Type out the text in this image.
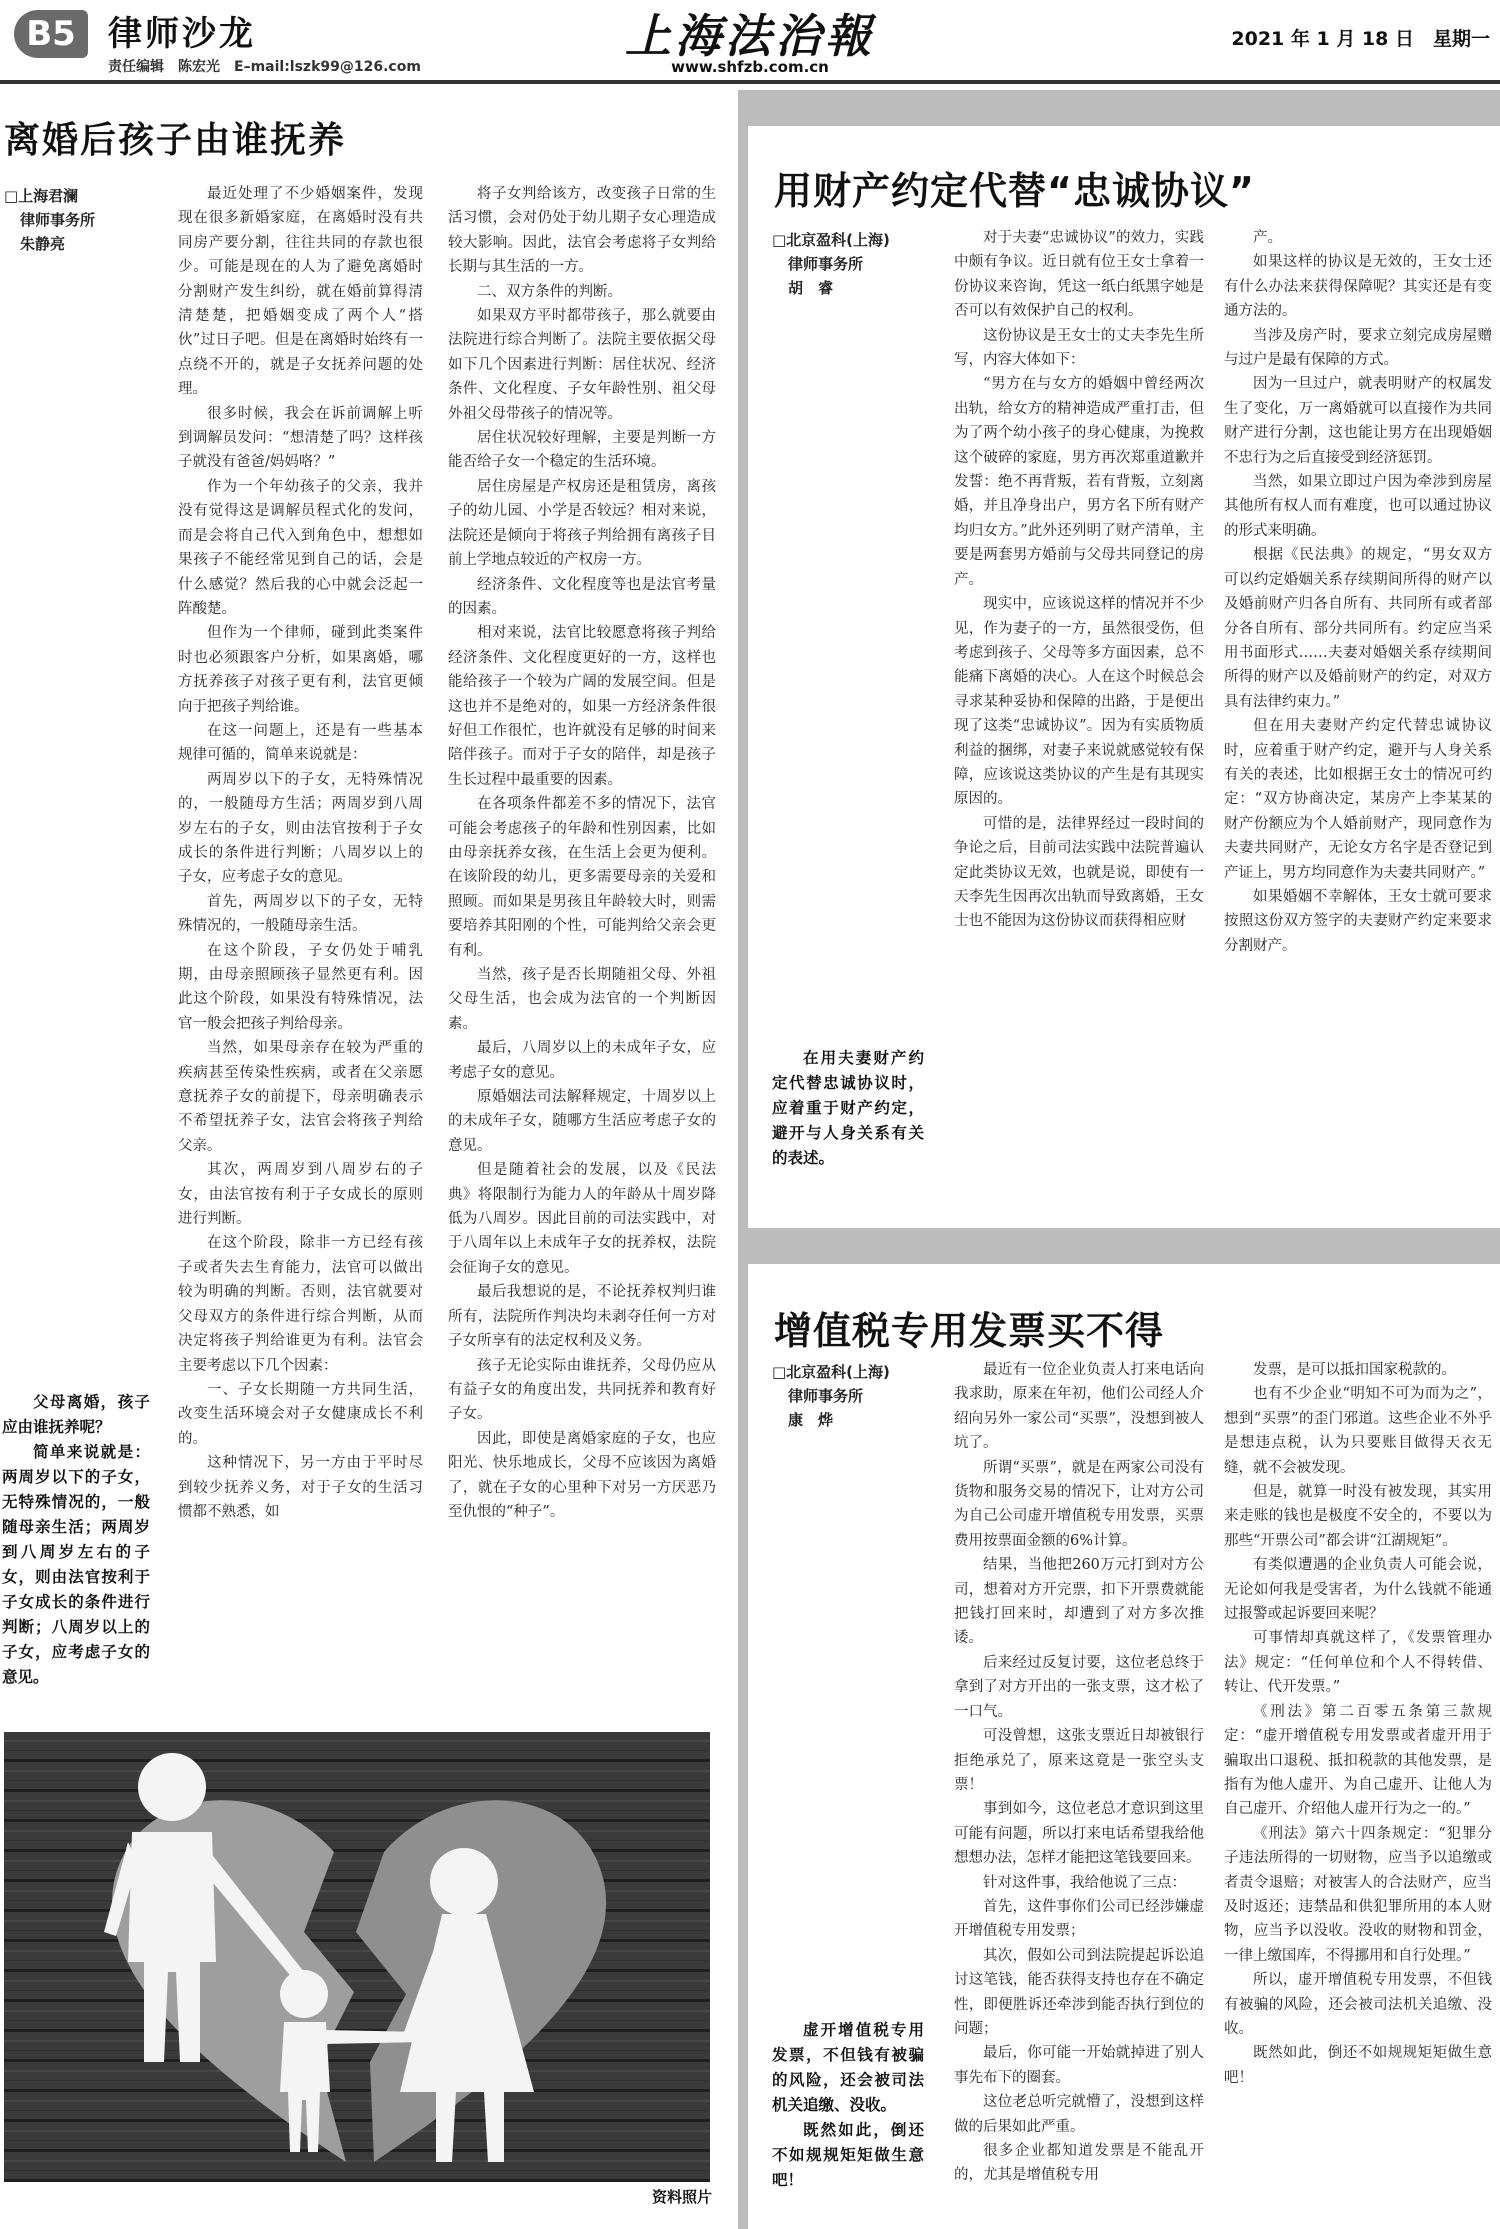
B5 律师沙龙
责任编辑　陈宏光　E–mail:lszk99@126.com
上海法治報
www.shfzb.com.cn
2021 年 1 月 18 日　星期一
离婚后孩子由谁抚养
□上海君澜
律师事务所
朱静亮

父母离婚，孩子应由谁抚养呢？

简单来说就是：两周岁以下的子女，无特殊情况的，一般随母亲生活；两周岁到八周岁左右的子女，则由法官按利于子女成长的条件进行判断；八周岁以上的子女，应考虑子女的意见。

最近处理了不少婚姻案件，发现现在很多新婚家庭，在离婚时没有共同房产要分割，往往共同的存款也很少。可能是现在的人为了避免离婚时分割财产发生纠纷，就在婚前算得清清楚楚，把婚姻变成了两个人“搭伙”过日子吧。但是在离婚时始终有一点绕不开的，就是子女抚养问题的处理。

很多时候，我会在诉前调解上听到调解员发问：“想清楚了吗？这样孩子就没有爸爸/妈妈咯？”

作为一个年幼孩子的父亲，我并没有觉得这是调解员程式化的发问，而是会将自己代入到角色中，想想如果孩子不能经常见到自己的话，会是什么感觉？然后我的心中就会泛起一阵酸楚。

但作为一个律师，碰到此类案件时也必须跟客户分析，如果离婚，哪方抚养孩子对孩子更有利，法官更倾向于把孩子判给谁。

在这一问题上，还是有一些基本规律可循的，简单来说就是：

两周岁以下的子女，无特殊情况的，一般随母方生活；两周岁到八周岁左右的子女，则由法官按利于子女成长的条件进行判断；八周岁以上的子女，应考虑子女的意见。

首先，两周岁以下的子女，无特殊情况的，一般随母亲生活。

在这个阶段，子女仍处于哺乳期，由母亲照顾孩子显然更有利。因此这个阶段，如果没有特殊情况，法官一般会把孩子判给母亲。

当然，如果母亲存在较为严重的疾病甚至传染性疾病，或者在父亲愿意抚养子女的前提下，母亲明确表示不希望抚养子女，法官会将孩子判给父亲。

其次，两周岁到八周岁右的子女，由法官按有利于子女成长的原则进行判断。

在这个阶段，除非一方已经有孩子或者失去生育能力，法官可以做出较为明确的判断。否则，法官就要对父母双方的条件进行综合判断，从而决定将孩子判给谁更为有利。法官会主要考虑以下几个因素：

一、子女长期随一方共同生活，改变生活环境会对子女健康成长不利的。

这种情况下，另一方由于平时尽到较少抚养义务，对于子女的生活习惯都不熟悉，如

将子女判给该方，改变孩子日常的生活习惯，会对仍处于幼儿期子女心理造成较大影响。因此，法官会考虑将子女判给长期与其生活的一方。

二、双方条件的判断。

如果双方平时都带孩子，那么就要由法院进行综合判断了。法院主要依据父母如下几个因素进行判断：居住状况、经济条件、文化程度、子女年龄性别、祖父母外祖父母带孩子的情况等。

居住状况较好理解，主要是判断一方能否给子女一个稳定的生活环境。

居住房屋是产权房还是租赁房，离孩子的幼儿园、小学是否较远？相对来说，法院还是倾向于将孩子判给拥有离孩子目前上学地点较近的产权房一方。

经济条件、文化程度等也是法官考量的因素。

相对来说，法官比较愿意将孩子判给经济条件、文化程度更好的一方，这样也能给孩子一个较为广阔的发展空间。但是这也并不是绝对的，如果一方经济条件很好但工作很忙，也许就没有足够的时间来陪伴孩子。而对于子女的陪伴，却是孩子生长过程中最重要的因素。

在各项条件都差不多的情况下，法官可能会考虑孩子的年龄和性别因素，比如由母亲抚养女孩，在生活上会更为便利。在该阶段的幼儿，更多需要母亲的关爱和照顾。而如果是男孩且年龄较大时，则需要培养其阳刚的个性，可能判给父亲会更有利。

当然，孩子是否长期随祖父母、外祖父母生活，也会成为法官的一个判断因素。

最后，八周岁以上的未成年子女，应考虑子女的意见。

原婚姻法司法解释规定，十周岁以上的未成年子女，随哪方生活应考虑子女的意见。

但是随着社会的发展，以及《民法典》将限制行为能力人的年龄从十周岁降低为八周岁。因此目前的司法实践中，对于八周年以上未成年子女的抚养权，法院会征询子女的意见。

最后我想说的是，不论抚养权判归谁所有，法院所作判决均未剥夺任何一方对子女所享有的法定权利及义务。

孩子无论实际由谁抚养，父母仍应从有益子女的角度出发，共同抚养和教育好子女。

因此，即使是离婚家庭的子女，也应阳光、快乐地成长，父母不应该因为离婚了，就在子女的心里种下对另一方厌恶乃至仇恨的“种子”。

资料照片
用财产约定代替“忠诚协议”
□北京盈科(上海)
律师事务所
胡　睿

在用夫妻财产约定代替忠诚协议时，应着重于财产约定，避开与人身关系有关的表述。

对于夫妻“忠诚协议”的效力，实践中颇有争议。近日就有位王女士拿着一份协议来咨询，凭这一纸白纸黑字她是否可以有效保护自己的权利。

这份协议是王女士的丈夫李先生所写，内容大体如下：

“男方在与女方的婚姻中曾经两次出轨，给女方的精神造成严重打击，但为了两个幼小孩子的身心健康，为挽救这个破碎的家庭，男方再次郑重道歉并发誓：绝不再背叛，若有背叛，立刻离婚，并且净身出户，男方名下所有财产均归女方。”此外还列明了财产清单，主要是两套男方婚前与父母共同登记的房产。

现实中，应该说这样的情况并不少见，作为妻子的一方，虽然很受伤，但考虑到孩子、父母等多方面因素，总不能痛下离婚的决心。人在这个时候总会寻求某种妥协和保障的出路，于是便出现了这类“忠诚协议”。因为有实质物质利益的捆绑，对妻子来说就感觉较有保障，应该说这类协议的产生是有其现实原因的。

可惜的是，法律界经过一段时间的争论之后，目前司法实践中法院普遍认定此类协议无效，也就是说，即使有一天李先生因再次出轨而导致离婚，王女士也不能因为这份协议而获得相应财

产。

如果这样的协议是无效的，王女士还有什么办法来获得保障呢？其实还是有变通方法的。

当涉及房产时，要求立刻完成房屋赠与过户是最有保障的方式。

因为一旦过户，就表明财产的权属发生了变化，万一离婚就可以直接作为共同财产进行分割，这也能让男方在出现婚姻不忠行为之后直接受到经济惩罚。

当然，如果立即过户因为牵涉到房屋其他所有权人而有难度，也可以通过协议的形式来明确。

根据《民法典》的规定，“男女双方可以约定婚姻关系存续期间所得的财产以及婚前财产归各自所有、共同所有或者部分各自所有、部分共同所有。约定应当采用书面形式……夫妻对婚姻关系存续期间所得的财产以及婚前财产的约定，对双方具有法律约束力。”

但在用夫妻财产约定代替忠诚协议时，应着重于财产约定，避开与人身关系有关的表述，比如根据王女士的情况可约定：“双方协商决定，某房产上李某某的财产份额应为个人婚前财产，现同意作为夫妻共同财产，无论女方名字是否登记到产证上，男方均同意作为夫妻共同财产。”

如果婚姻不幸解体，王女士就可要求按照这份双方签字的夫妻财产约定来要求分割财产。

增值税专用发票买不得
□北京盈科(上海)
律师事务所
康　烨

虚开增值税专用发票，不但钱有被骗的风险，还会被司法机关追缴、没收。

既然如此，倒还不如规规矩矩做生意吧！

最近有一位企业负责人打来电话向我求助，原来在年初，他们公司经人介绍向另外一家公司“买票”，没想到被人坑了。

所谓“买票”，就是在两家公司没有货物和服务交易的情况下，让对方公司为自己公司虚开增值税专用发票，买票费用按票面金额的6%计算。

结果，当他把260万元打到对方公司，想着对方开完票，扣下开票费就能把钱打回来时，却遭到了对方多次推诿。

后来经过反复讨要，这位老总终于拿到了对方开出的一张支票，这才松了一口气。

可没曾想，这张支票近日却被银行拒绝承兑了，原来这竟是一张空头支票！

事到如今，这位老总才意识到这里可能有问题，所以打来电话希望我给他想想办法，怎样才能把这笔钱要回来。

针对这件事，我给他说了三点：

首先，这件事你们公司已经涉嫌虚开增值税专用发票；

其次，假如公司到法院提起诉讼追讨这笔钱，能否获得支持也存在不确定性，即便胜诉还牵涉到能否执行到位的问题；

最后，你可能一开始就掉进了别人事先布下的圈套。

这位老总听完就懵了，没想到这样做的后果如此严重。

很多企业都知道发票是不能乱开的，尤其是增值税专用

发票，是可以抵扣国家税款的。

也有不少企业“明知不可为而为之”，想到“买票”的歪门邪道。这些企业不外乎是想违点税，认为只要账目做得天衣无缝，就不会被发现。

但是，就算一时没有被发现，其实用来走账的钱也是极度不安全的，不要以为那些“开票公司”都会讲“江湖规矩”。

有类似遭遇的企业负责人可能会说，无论如何我是受害者，为什么钱就不能通过报警或起诉要回来呢？

可事情却真就这样了，《发票管理办法》规定：“任何单位和个人不得转借、转让、代开发票。”

《刑法》第二百零五条第三款规定：“虚开增值税专用发票或者虚开用于骗取出口退税、抵扣税款的其他发票，是指有为他人虚开、为自己虚开、让他人为自己虚开、介绍他人虚开行为之一的。”

《刑法》第六十四条规定：“犯罪分子违法所得的一切财物，应当予以追缴或者责令退赔；对被害人的合法财产，应当及时返还；违禁品和供犯罪所用的本人财物，应当予以没收。没收的财物和罚金，一律上缴国库，不得挪用和自行处理。”

所以，虚开增值税专用发票，不但钱有被骗的风险，还会被司法机关追缴、没收。

既然如此，倒还不如规规矩矩做生意吧！
